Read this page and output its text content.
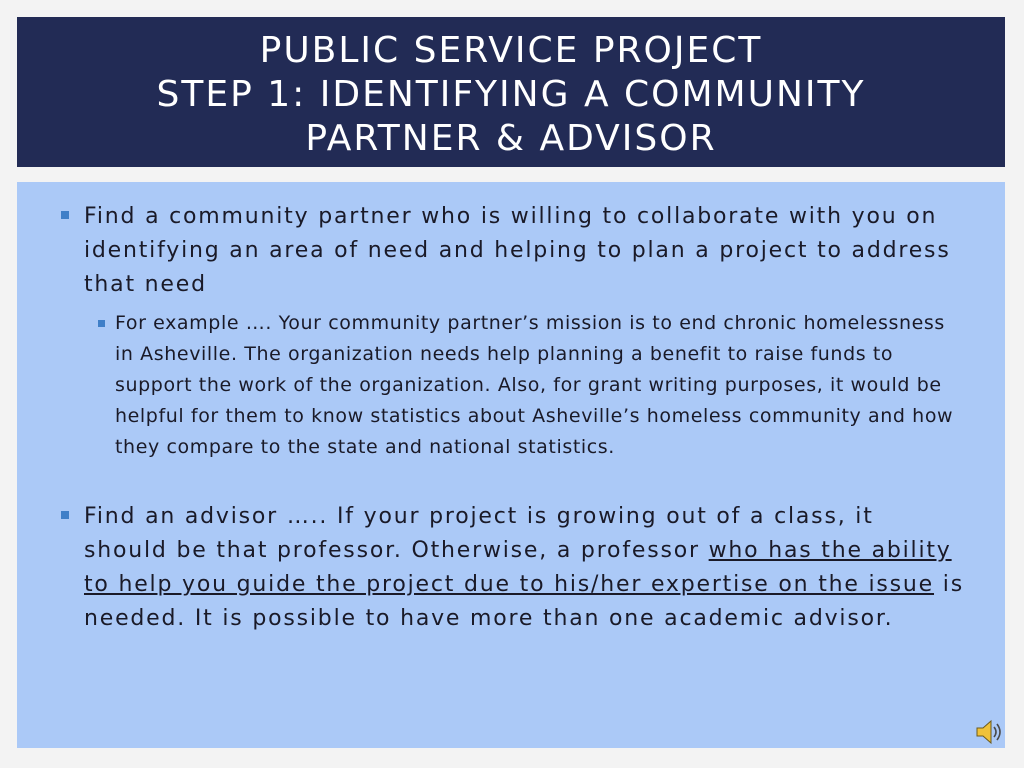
PUBLIC SERVICE PROJECT
STEP 1: IDENTIFYING A COMMUNITY
PARTNER & ADVISOR
Find a community partner who is willing to collaborate with you on identifying an area of need and helping to plan a project to address that need
For example …. Your community partner’s mission is to end chronic homelessness in Asheville. The organization needs help planning a benefit to raise funds to support the work of the organization. Also, for grant writing purposes, it would be helpful for them to know statistics about Asheville’s homeless community and how they compare to the state and national statistics.
Find an advisor ….. If your project is growing out of a class, it should be that professor. Otherwise, a professor who has the ability to help you guide the project due to his/her expertise on the issue is needed. It is possible to have more than one academic advisor.
